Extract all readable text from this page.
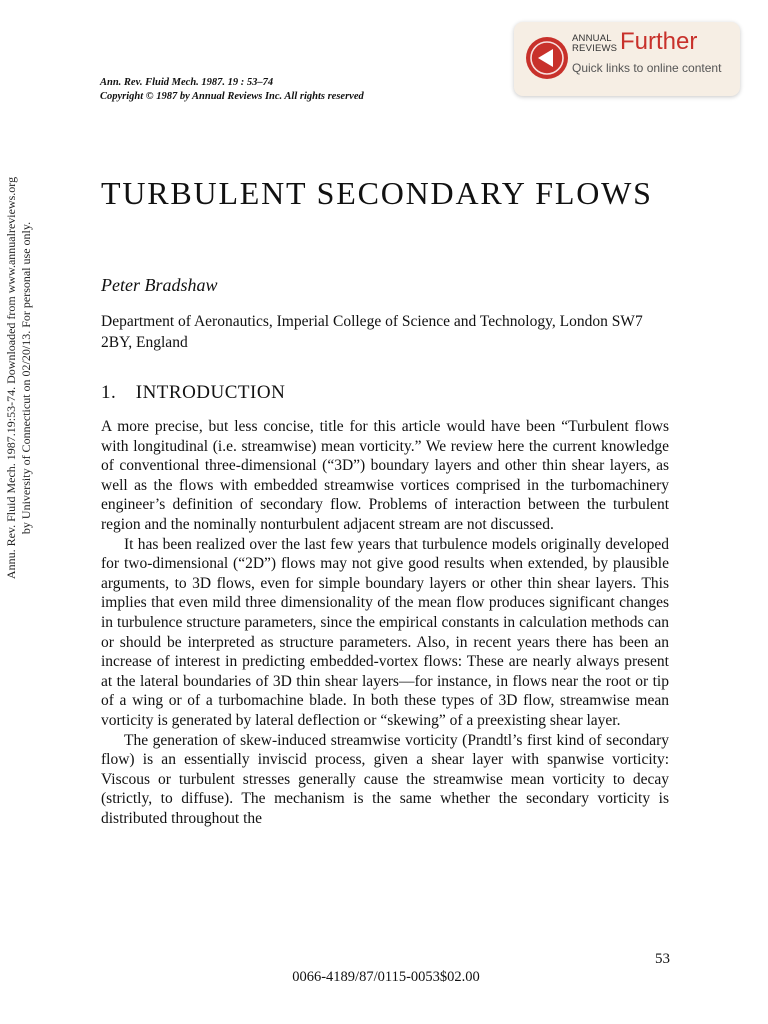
Ann. Rev. Fluid Mech. 1987. 19 : 53–74
Copyright © 1987 by Annual Reviews Inc. All rights reserved
ANNUAL
REVIEWS Further
Quick links to online content
Annu. Rev. Fluid Mech. 1987.19:53-74. Downloaded from www.annualreviews.org by University of Connecticut on 02/20/13. For personal use only.
TURBULENT SECONDARY FLOWS
Peter Bradshaw
Department of Aeronautics, Imperial College of Science and Technology, London SW7 2BY, England
1. INTRODUCTION

A more precise, but less concise, title for this article would have been “Turbulent flows with longitudinal (i.e. streamwise) mean vorticity.” We review here the current knowledge of conventional three-dimensional (“3D”) boundary layers and other thin shear layers, as well as the flows with embedded streamwise vortices comprised in the turbomachinery engineer’s definition of secondary flow. Problems of interaction between the turbulent region and the nominally nonturbulent adjacent stream are not discussed.

It has been realized over the last few years that turbulence models originally developed for two-dimensional (“2D”) flows may not give good results when extended, by plausible arguments, to 3D flows, even for simple boundary layers or other thin shear layers. This implies that even mild three dimensionality of the mean flow produces significant changes in turbulence structure parameters, since the empirical constants in calculation methods can or should be interpreted as structure parameters. Also, in recent years there has been an increase of interest in predicting embedded-vortex flows: These are nearly always present at the lateral boundaries of 3D thin shear layers—for instance, in flows near the root or tip of a wing or of a turbomachine blade. In both these types of 3D flow, streamwise mean vorticity is generated by lateral deflection or “skewing” of a preexisting shear layer.

The generation of skew-induced streamwise vorticity (Prandtl’s first kind of secondary flow) is an essentially inviscid process, given a shear layer with spanwise vorticity: Viscous or turbulent stresses generally cause the streamwise mean vorticity to decay (strictly, to diffuse). The mechanism is the same whether the secondary vorticity is distributed throughout the

53
0066-4189/87/0115-0053$02.00
